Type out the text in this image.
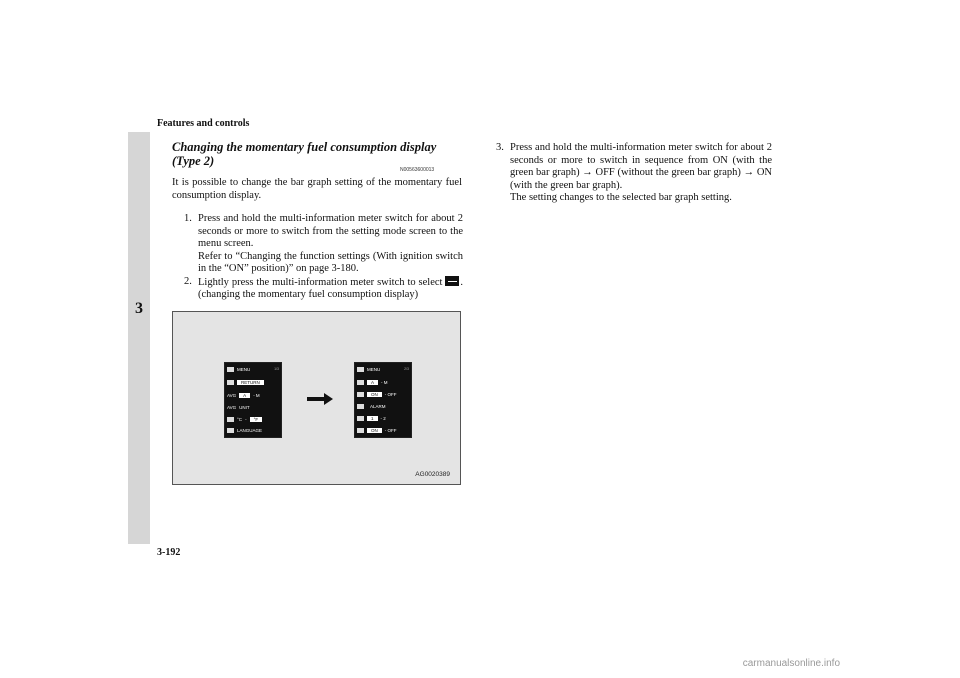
Features and controls
3
Changing the momentary fuel consumption display (Type 2)
N00563600013
It is possible to change the bar graph setting of the momentary fuel consumption display.
1. Press and hold the multi-information meter switch for about 2 seconds or more to switch from the setting mode screen to the menu screen.
Refer to “Changing the function settings (With ignition switch in the “ON” position)” on page 3-180.
2. Lightly press the multi-information meter switch to select . (changing the momentary fuel consumption display)
3. Press and hold the multi-information meter switch for about 2 seconds or more to switch in sequence from ON (with the green bar graph) → OFF (without the green bar graph) → ON (with the green bar graph).
The setting changes to the selected bar graph setting.
1/3
MENU
RETURN
AVG	A	- M
AVG UNIT
°C -	°F
LANGUAGE
2/3
MENU
A	- M
ON	- OFF
ALARM
1	- 2
ON	- OFF
AG0020389
3-192
carmanualsonline.info
